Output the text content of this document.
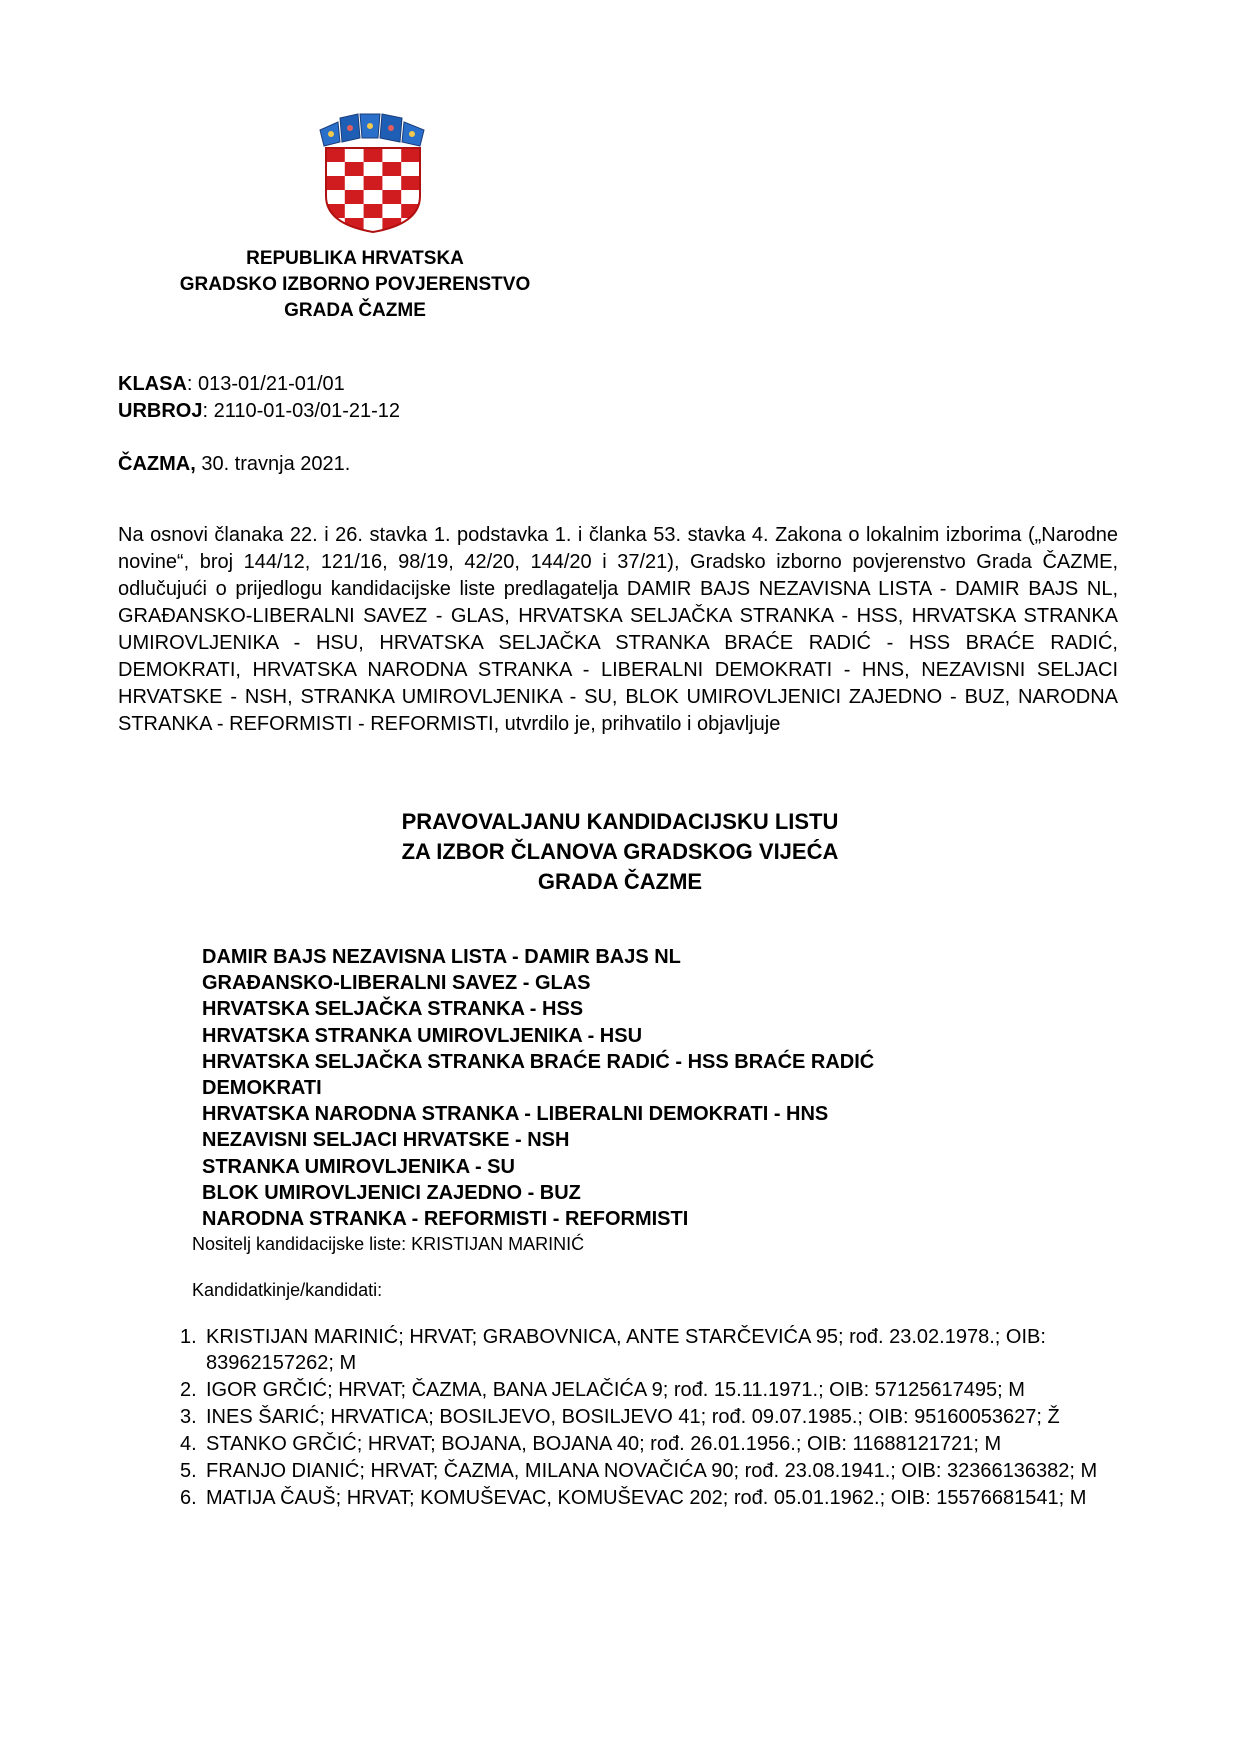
REPUBLIKA HRVATSKA
GRADSKO IZBORNO POVJERENSTVO
GRADA ČAZME
KLASA: 013-01/21-01/01
URBROJ: 2110-01-03/01-21-12
ČAZMA, 30. travnja 2021.
Na osnovi članaka 22. i 26. stavka 1. podstavka 1. i članka 53. stavka 4. Zakona o lokalnim izborima („Narodne novine“, broj 144/12, 121/16, 98/19, 42/20, 144/20 i 37/21), Gradsko izborno povjerenstvo Grada ČAZME, odlučujući o prijedlogu kandidacijske liste predlagatelja DAMIR BAJS NEZAVISNA LISTA - DAMIR BAJS NL, GRAĐANSKO-LIBERALNI SAVEZ - GLAS, HRVATSKA SELJAČKA STRANKA - HSS, HRVATSKA STRANKA UMIROVLJENIKA - HSU, HRVATSKA SELJAČKA STRANKA BRAĆE RADIĆ - HSS BRAĆE RADIĆ, DEMOKRATI, HRVATSKA NARODNA STRANKA - LIBERALNI DEMOKRATI - HNS, NEZAVISNI SELJACI HRVATSKE - NSH, STRANKA UMIROVLJENIKA - SU, BLOK UMIROVLJENICI ZAJEDNO - BUZ, NARODNA STRANKA - REFORMISTI - REFORMISTI, utvrdilo je, prihvatilo i objavljuje
PRAVOVALJANU KANDIDACIJSKU LISTU
ZA IZBOR ČLANOVA GRADSKOG VIJEĆA
GRADA ČAZME
DAMIR BAJS NEZAVISNA LISTA - DAMIR BAJS NL
GRAĐANSKO-LIBERALNI SAVEZ - GLAS
HRVATSKA SELJAČKA STRANKA - HSS
HRVATSKA STRANKA UMIROVLJENIKA - HSU
HRVATSKA SELJAČKA STRANKA BRAĆE RADIĆ - HSS BRAĆE RADIĆ
DEMOKRATI
HRVATSKA NARODNA STRANKA - LIBERALNI DEMOKRATI - HNS
NEZAVISNI SELJACI HRVATSKE - NSH
STRANKA UMIROVLJENIKA - SU
BLOK UMIROVLJENICI ZAJEDNO - BUZ
NARODNA STRANKA - REFORMISTI - REFORMISTI
Nositelj kandidacijske liste: KRISTIJAN MARINIĆ
Kandidatkinje/kandidati:
1. KRISTIJAN MARINIĆ; HRVAT; GRABOVNICA, ANTE STARČEVIĆA 95; rođ. 23.02.1978.; OIB: 83962157262; M
2. IGOR GRČIĆ; HRVAT; ČAZMA, BANA JELAČIĆA 9; rođ. 15.11.1971.; OIB: 57125617495; M
3. INES ŠARIĆ; HRVATICA; BOSILJEVO, BOSILJEVO 41; rođ. 09.07.1985.; OIB: 95160053627; Ž
4. STANKO GRČIĆ; HRVAT; BOJANA, BOJANA 40; rođ. 26.01.1956.; OIB: 11688121721; M
5. FRANJO DIANIĆ; HRVAT; ČAZMA, MILANA NOVAČIĆA 90; rođ. 23.08.1941.; OIB: 32366136382; M
6. MATIJA ČAUŠ; HRVAT; KOMUŠEVAC, KOMUŠEVAC 202; rođ. 05.01.1962.; OIB: 15576681541; M
